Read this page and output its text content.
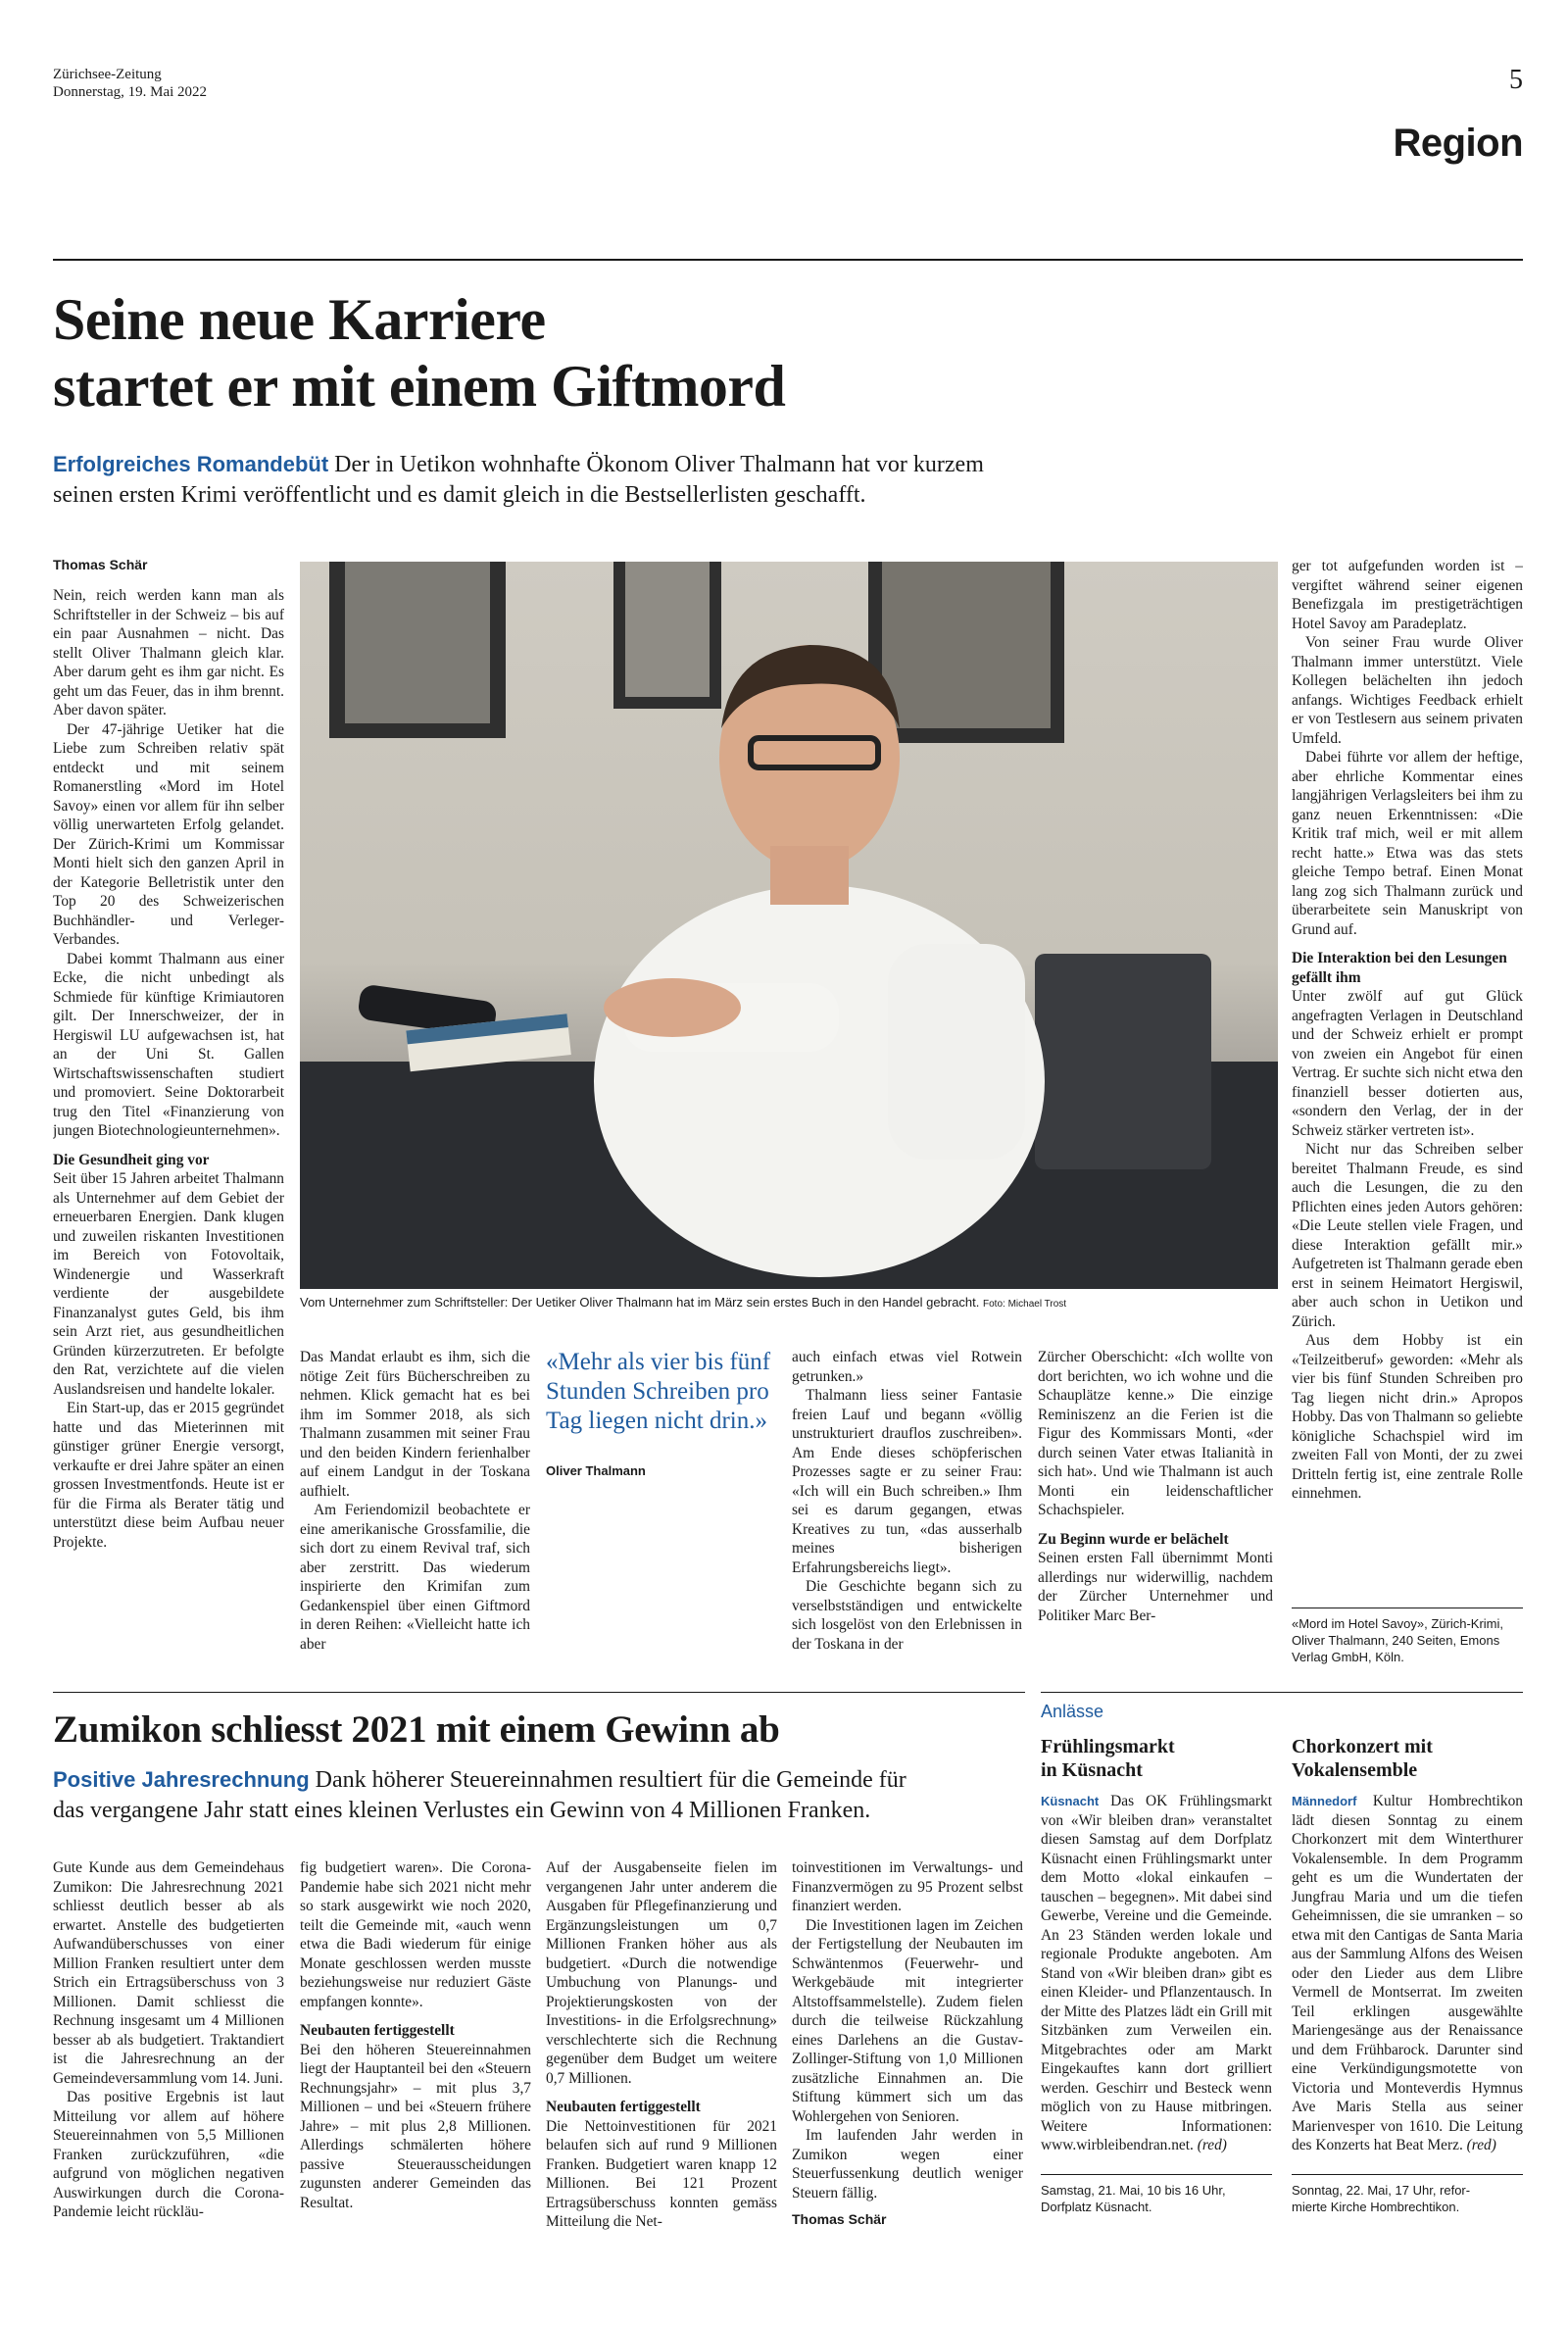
Zürichsee-Zeitung
Donnerstag, 19. Mai 2022	5
Region
Seine neue Karriere
startet er mit einem Giftmord
Erfolgreiches Romandebüt Der in Uetikon wohnhafte Ökonom Oliver Thalmann hat vor kurzem
seinen ersten Krimi veröffentlicht und es damit gleich in die Bestsellerlisten geschafft.
Thomas Schär

Nein, reich werden kann man als Schriftsteller in der Schweiz – bis auf ein paar Ausnahmen – nicht. Das stellt Oliver Thalmann gleich klar. Aber darum geht es ihm gar nicht. Es geht um das Feuer, das in ihm brennt. Aber davon später.

Der 47-jährige Uetiker hat die Liebe zum Schreiben relativ spät entdeckt und mit seinem Romanerstling «Mord im Hotel Savoy» einen vor allem für ihn selber völlig unerwarteten Erfolg gelandet. Der Zürich-Krimi um Kommissar Monti hielt sich den ganzen April in der Kategorie Belletristik unter den Top 20 des Schweizerischen Buchhändler- und Verleger-Verbandes.

Dabei kommt Thalmann aus einer Ecke, die nicht unbedingt als Schmiede für künftige Krimiautoren gilt. Der Innerschweizer, der in Hergiswil LU aufgewachsen ist, hat an der Uni St. Gallen Wirtschaftswissenschaften studiert und promoviert. Seine Doktorarbeit trug den Titel «Finanzierung von jungen Biotechnologieunternehmen».

Die Gesundheit ging vor

Seit über 15 Jahren arbeitet Thalmann als Unternehmer auf dem Gebiet der erneuerbaren Energien. Dank klugen und zuweilen riskanten Investitionen im Bereich von Fotovoltaik, Windenergie und Wasserkraft verdiente der ausgebildete Finanzanalyst gutes Geld, bis ihm sein Arzt riet, aus gesundheitlichen Gründen kürzerzutreten. Er befolgte den Rat, verzichtete auf die vielen Auslandsreisen und handelte lokaler.

Ein Start-up, das er 2015 gegründet hatte und das Mieterinnen mit günstiger grüner Energie versorgt, verkaufte er drei Jahre später an einen grossen Investmentfonds. Heute ist er für die Firma als Berater tätig und unterstützt diese beim Aufbau neuer Projekte.

Vom Unternehmer zum Schriftsteller: Der Uetiker Oliver Thalmann hat im März sein erstes Buch in den Handel gebracht. Foto: Michael Trost

Das Mandat erlaubt es ihm, sich die nötige Zeit fürs Bücherschreiben zu nehmen. Klick gemacht hat es bei ihm im Sommer 2018, als sich Thalmann zusammen mit seiner Frau und den beiden Kindern ferienhalber auf einem Landgut in der Toskana aufhielt.

Am Feriendomizil beobachtete er eine amerikanische Grossfamilie, die sich dort zu einem Revival traf, sich aber zerstritt. Das wiederum inspirierte den Krimifan zum Gedankenspiel über einen Giftmord in deren Reihen: «Vielleicht hatte ich aber

«Mehr als vier bis fünf Stunden Schreiben pro Tag liegen nicht drin.»
Oliver Thalmann

auch einfach etwas viel Rotwein getrunken.»

Thalmann liess seiner Fantasie freien Lauf und begann «völlig unstrukturiert drauflos zuschreiben». Am Ende dieses schöpferischen Prozesses sagte er zu seiner Frau: «Ich will ein Buch schreiben.» Ihm sei es darum gegangen, etwas Kreatives zu tun, «das ausserhalb meines bisherigen Erfahrungsbereichs liegt».

Die Geschichte begann sich zu verselbstständigen und entwickelte sich losgelöst von den Erlebnissen in der Toskana in der

Zürcher Oberschicht: «Ich wollte von dort berichten, wo ich wohne und die Schauplätze kenne.» Die einzige Reminiszenz an die Ferien ist die Figur des Kommissars Monti, «der durch seinen Vater etwas Italianità in sich hat». Und wie Thalmann ist auch Monti ein leidenschaftlicher Schachspieler.

Zu Beginn wurde er belächelt

Seinen ersten Fall übernimmt Monti allerdings nur widerwillig, nachdem der Zürcher Unternehmer und Politiker Marc Ber-

ger tot aufgefunden worden ist – vergiftet während seiner eigenen Benefizgala im prestigeträchtigen Hotel Savoy am Paradeplatz.

Von seiner Frau wurde Oliver Thalmann immer unterstützt. Viele Kollegen belächelten ihn jedoch anfangs. Wichtiges Feedback erhielt er von Testlesern aus seinem privaten Umfeld.

Dabei führte vor allem der heftige, aber ehrliche Kommentar eines langjährigen Verlagsleiters bei ihm zu ganz neuen Erkenntnissen: «Die Kritik traf mich, weil er mit allem recht hatte.» Etwa was das stets gleiche Tempo betraf. Einen Monat lang zog sich Thalmann zurück und überarbeitete sein Manuskript von Grund auf.

Die Interaktion bei den Lesungen gefällt ihm

Unter zwölf auf gut Glück angefragten Verlagen in Deutschland und der Schweiz erhielt er prompt von zweien ein Angebot für einen Vertrag. Er suchte sich nicht etwa den finanziell besser dotierten aus, «sondern den Verlag, der in der Schweiz stärker vertreten ist».

Nicht nur das Schreiben selber bereitet Thalmann Freude, es sind auch die Lesungen, die zu den Pflichten eines jeden Autors gehören: «Die Leute stellen viele Fragen, und diese Interaktion gefällt mir.» Aufgetreten ist Thalmann gerade eben erst in seinem Heimatort Hergiswil, aber auch schon in Uetikon und Zürich.

Aus dem Hobby ist ein «Teilzeitberuf» geworden: «Mehr als vier bis fünf Stunden Schreiben pro Tag liegen nicht drin.» Apropos Hobby. Das von Thalmann so geliebte königliche Schachspiel wird im zweiten Fall von Monti, der zu zwei Dritteln fertig ist, eine zentrale Rolle einnehmen.

«Mord im Hotel Savoy», Zürich-Krimi, Oliver Thalmann, 240 Seiten, Emons Verlag GmbH, Köln.
Zumikon schliesst 2021 mit einem Gewinn ab
Positive Jahresrechnung Dank höherer Steuereinnahmen resultiert für die Gemeinde für
das vergangene Jahr statt eines kleinen Verlustes ein Gewinn von 4 Millionen Franken.

Gute Kunde aus dem Gemeindehaus Zumikon: Die Jahresrechnung 2021 schliesst deutlich besser ab als erwartet. Anstelle des budgetierten Aufwandüberschusses von einer Million Franken resultiert unter dem Strich ein Ertragsüberschuss von 3 Millionen. Damit schliesst die Rechnung insgesamt um 4 Millionen besser ab als budgetiert. Traktandiert ist die Jahresrechnung an der Gemeindeversammlung vom 14. Juni.

Das positive Ergebnis ist laut Mitteilung vor allem auf höhere Steuereinnahmen von 5,5 Millionen Franken zurückzuführen, «die aufgrund von möglichen negativen Auswirkungen durch die Corona-Pandemie leicht rückläu-

fig budgetiert waren». Die Corona-Pandemie habe sich 2021 nicht mehr so stark ausgewirkt wie noch 2020, teilt die Gemeinde mit, «auch wenn etwa die Badi wiederum für einige Monate geschlossen werden musste beziehungsweise nur reduziert Gäste empfangen konnte».

Neubauten fertiggestellt

Bei den höheren Steuereinnahmen liegt der Hauptanteil bei den «Steuern Rechnungsjahr» – mit plus 3,7 Millionen – und bei «Steuern frühere Jahre» – mit plus 2,8 Millionen. Allerdings schmälerten höhere passive Steuerausscheidungen zugunsten anderer Gemeinden das Resultat.

Auf der Ausgabenseite fielen im vergangenen Jahr unter anderem die Ausgaben für Pflegefinanzierung und Ergänzungsleistungen um 0,7 Millionen Franken höher aus als budgetiert. «Durch die notwendige Umbuchung von Planungs- und Projektierungskosten von der Investitions- in die Erfolgsrechnung» verschlechterte sich die Rechnung gegenüber dem Budget um weitere 0,7 Millionen.

Neubauten fertiggestellt

Die Nettoinvestitionen für 2021 belaufen sich auf rund 9 Millionen Franken. Budgetiert waren knapp 12 Millionen. Bei 121 Prozent Ertragsüberschuss konnten gemäss Mitteilung die Net-

toinvestitionen im Verwaltungs- und Finanzvermögen zu 95 Prozent selbst finanziert werden.

Die Investitionen lagen im Zeichen der Fertigstellung der Neubauten im Schwäntenmos (Feuerwehr- und Werkgebäude mit integrierter Altstoffsammelstelle). Zudem fielen durch die teilweise Rückzahlung eines Darlehens an die Gustav-Zollinger-Stiftung von 1,0 Millionen zusätzliche Einnahmen an. Die Stiftung kümmert sich um das Wohlergehen von Senioren.

Im laufenden Jahr werden in Zumikon wegen einer Steuerfussenkung deutlich weniger Steuern fällig.

Thomas Schär
Anlässe
Frühlingsmarkt
in Küsnacht
Küsnacht Das OK Frühlingsmarkt von «Wir bleiben dran» veranstaltet diesen Samstag auf dem Dorfplatz Küsnacht einen Frühlingsmarkt unter dem Motto «lokal einkaufen – tauschen – begegnen». Mit dabei sind Gewerbe, Vereine und die Gemeinde. An 23 Ständen werden lokale und regionale Produkte angeboten. Am Stand von «Wir bleiben dran» gibt es einen Kleider- und Pflanzentausch. In der Mitte des Platzes lädt ein Grill mit Sitzbänken zum Verweilen ein. Mitgebrachtes oder am Markt Eingekauftes kann dort grilliert werden. Geschirr und Besteck wenn möglich von zu Hause mitbringen. Weitere Informationen: www.wirbleibendran.net. (red)
Samstag, 21. Mai, 10 bis 16 Uhr,
Dorfplatz Küsnacht.
Chorkonzert mit
Vokalensemble
Männedorf Kultur Hombrechtikon lädt diesen Sonntag zu einem Chorkonzert mit dem Winterthurer Vokalensemble. In dem Programm geht es um die Wundertaten der Jungfrau Maria und um die tiefen Geheimnissen, die sie umranken – so etwa mit den Cantigas de Santa Maria aus der Sammlung Alfons des Weisen oder den Lieder aus dem Llibre Vermell de Montserrat. Im zweiten Teil erklingen ausgewählte Mariengesänge aus der Renaissance und dem Frühbarock. Darunter sind eine Verkündigungsmotette von Victoria und Monteverdis Hymnus Ave Maris Stella aus seiner Marienvesper von 1610. Die Leitung des Konzerts hat Beat Merz. (red)
Sonntag, 22. Mai, 17 Uhr, refor-
mierte Kirche Hombrechtikon.
